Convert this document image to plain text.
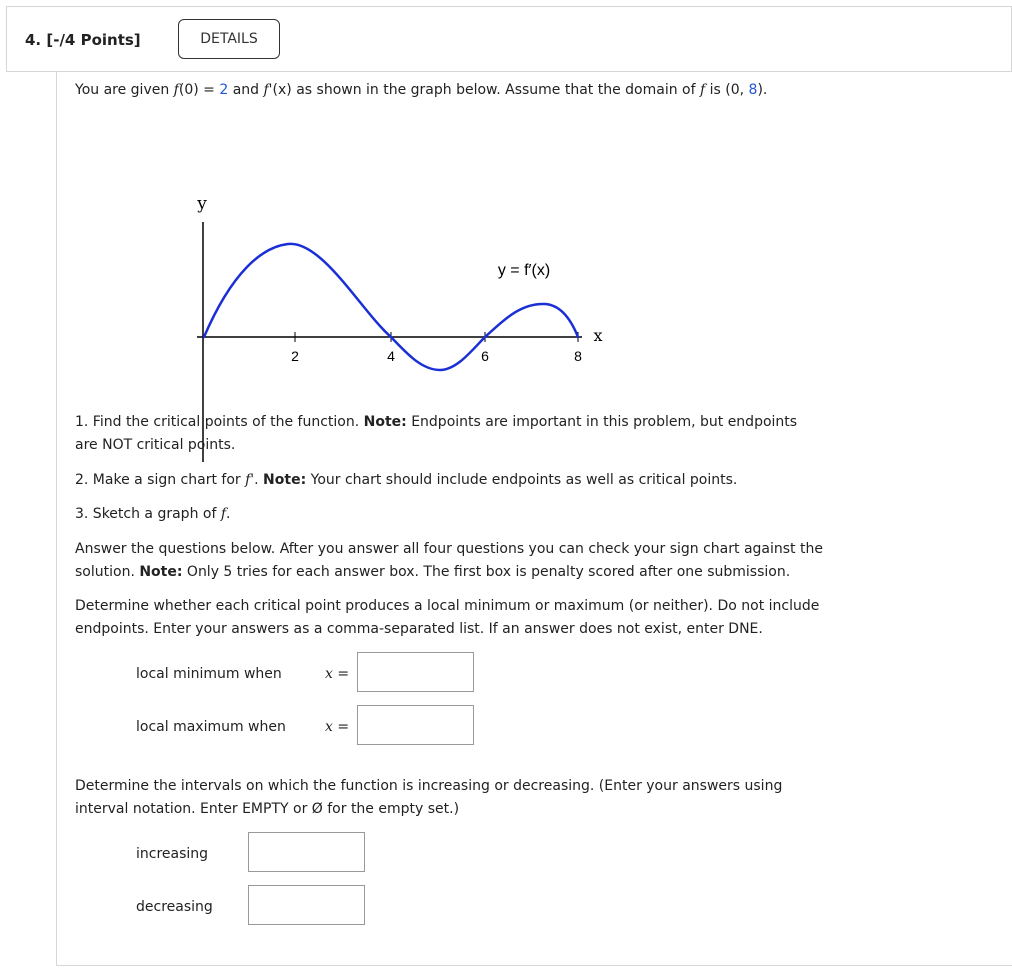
4. [-/4 Points]	DETAILS
You are given f(0) = 2 and f'(x) as shown in the graph below. Assume that the domain of f is (0, 8).
y
x
2	4	6	8
y = f′(x)
1. Find the critical points of the function. Note: Endpoints are important in this problem, but endpoints
are NOT critical points.
2. Make a sign chart for f'. Note: Your chart should include endpoints as well as critical points.
3. Sketch a graph of f.
Answer the questions below. After you answer all four questions you can check your sign chart against the
solution. Note: Only 5 tries for each answer box. The first box is penalty scored after one submission.
Determine whether each critical point produces a local minimum or maximum (or neither). Do not include
endpoints. Enter your answers as a comma-separated list. If an answer does not exist, enter DNE.
local minimum when	x =
local maximum when	x =
Determine the intervals on which the function is increasing or decreasing. (Enter your answers using
interval notation. Enter EMPTY or Ø for the empty set.)
increasing
decreasing
